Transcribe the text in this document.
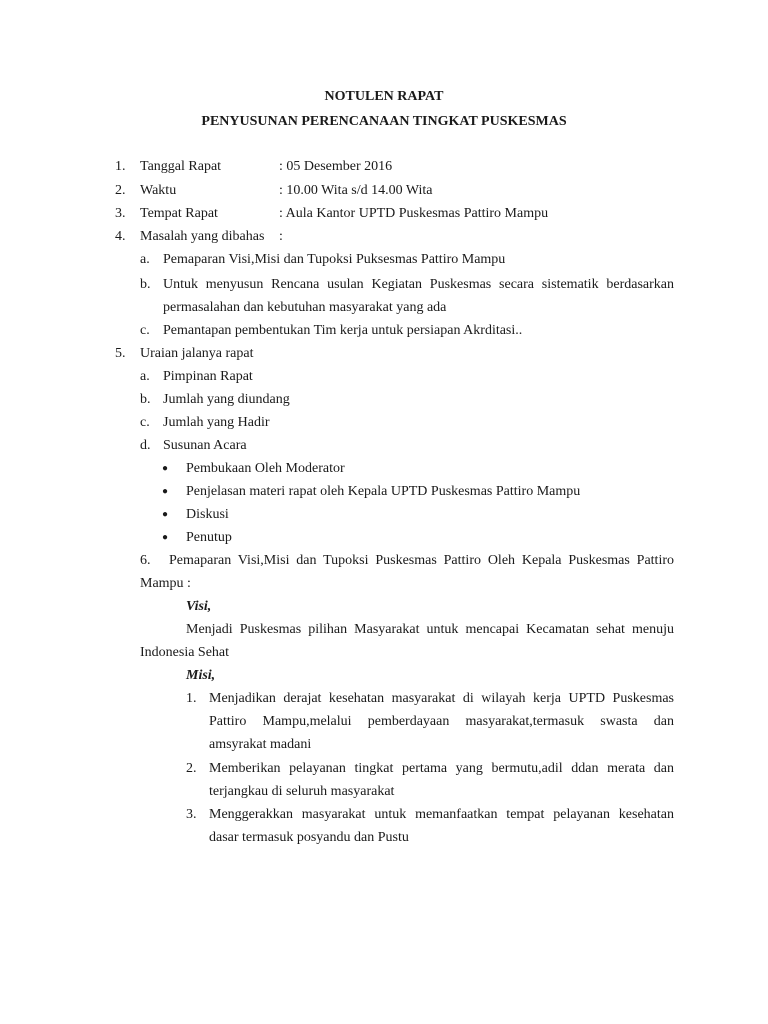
NOTULEN RAPAT
PENYUSUNAN PERENCANAAN TINGKAT PUSKESMAS
1. Tanggal Rapat	: 05 Desember 2016
2. Waktu	: 10.00 Wita s/d 14.00 Wita
3. Tempat Rapat	: Aula Kantor UPTD Puskesmas Pattiro Mampu
4. Masalah yang dibahas :
a. Pemaparan Visi,Misi dan Tupoksi Puksesmas Pattiro Mampu
b. Untuk menyusun Rencana usulan Kegiatan Puskesmas secara sistematik berdasarkan
permasalahan dan kebutuhan masyarakat yang ada
c. Pemantapan pembentukan Tim kerja untuk persiapan Akrditasi..
5. Uraian jalanya rapat
a. Pimpinan Rapat
b. Jumlah yang diundang
c. Jumlah yang Hadir
d. Susunan Acara
● Pembukaan Oleh Moderator
● Penjelasan materi rapat oleh Kepala UPTD Puskesmas Pattiro Mampu
● Diskusi
● Penutup
6. Pemaparan Visi,Misi dan Tupoksi Puskesmas Pattiro Oleh Kepala Puskesmas Pattiro
Mampu :
Visi,
Menjadi Puskesmas pilihan Masyarakat untuk mencapai Kecamatan sehat menuju
Indonesia Sehat
Misi,
1. Menjadikan derajat kesehatan masyarakat di wilayah kerja UPTD Puskesmas
Pattiro Mampu,melalui pemberdayaan masyarakat,termasuk swasta dan
amsyrakat madani
2. Memberikan pelayanan tingkat pertama yang bermutu,adil ddan merata dan
terjangkau di seluruh masyarakat
3. Menggerakkan masyarakat untuk memanfaatkan tempat pelayanan kesehatan
dasar termasuk posyandu dan Pustu
